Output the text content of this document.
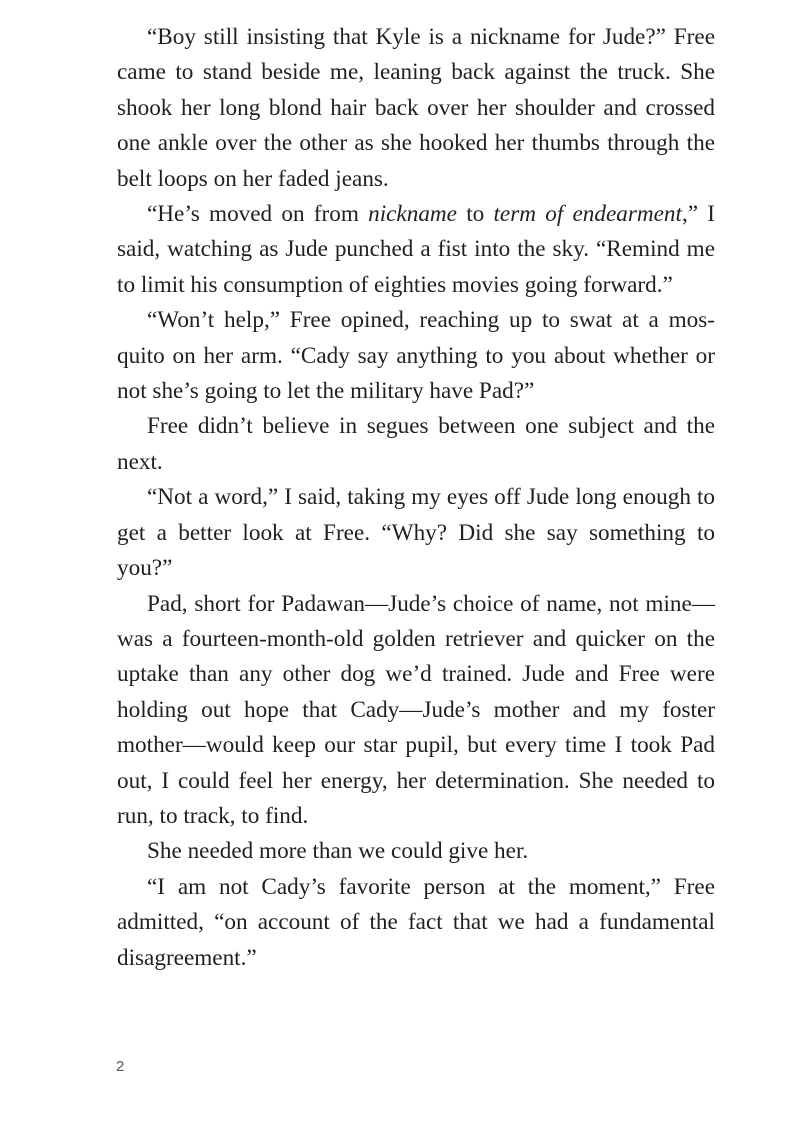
“Boy still insisting that Kyle is a nickname for Jude?” Free came to stand beside me, leaning back against the truck. She shook her long blond hair back over her shoulder and crossed one ankle over the other as she hooked her thumbs through the belt loops on her faded jeans.

“He’s moved on from nickname to term of endearment,” I said, watching as Jude punched a fist into the sky. “Remind me to limit his consumption of eighties movies going forward.”

“Won’t help,” Free opined, reaching up to swat at a mosquito on her arm. “Cady say anything to you about whether or not she’s going to let the military have Pad?”

Free didn’t believe in segues between one subject and the next.

“Not a word,” I said, taking my eyes off Jude long enough to get a better look at Free. “Why? Did she say something to you?”

Pad, short for Padawan—Jude’s choice of name, not mine—was a fourteen-month-old golden retriever and quicker on the uptake than any other dog we’d trained. Jude and Free were holding out hope that Cady—Jude’s mother and my foster mother—would keep our star pupil, but every time I took Pad out, I could feel her energy, her determination. She needed to run, to track, to find.

She needed more than we could give her.

“I am not Cady’s favorite person at the moment,” Free admitted, “on account of the fact that we had a fundamental disagreement.”

2
